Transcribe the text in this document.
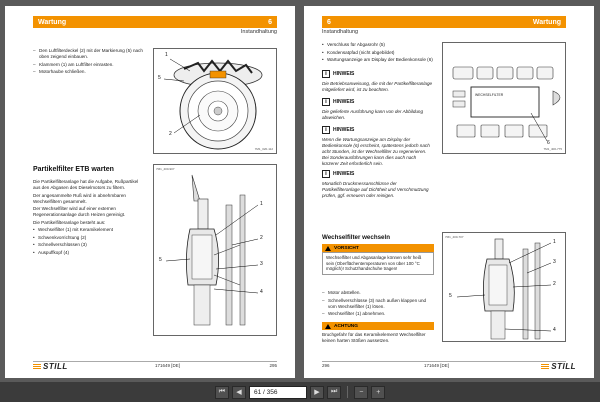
Wartung	6
Instandhaltung

– Den Luftfilterdeckel (2) mit der Markierung (5) nach oben zeigend einbauen.

– Klammern (1) am Luftfilter einrasten.

– Motorhaube schließen.

1
5
2
7M1_020-112
Partikelfilter ETB warten

Die Partikelfilteranlage hat die Aufgabe, Rußpartikel aus den Abgasen des Dieselmotors zu filtern.

Der angesammelte Ruß wird in abnehmbaren Wechselfiltern gesammelt.

Der Wechselfilter wird auf einer externen Regenerationsanlage durch Heizen gereinigt.

Die Partikelfilteranlage besteht aus:

• Wechselfilter (1) mit Keramikelement

• Schwenkvorrichtung (2)

• Schnellverschlüssen (3)

• Auspuffkopf (4)

1
2
3
4
5
7M1_400-907
STILL	171649 [DE]	295
6	Wartung
Instandhaltung

• Verschluss für Abgasrohr (5)

• Kondensatpfad (nicht abgebildet)

• Wartungsanzeige am Display der Bedienkonsole (6)

i	HINWEIS
Die Betriebsanweisung, die mit der Partikelfilteranlage mitgeliefert wird, ist zu beachten.
i	HINWEIS
Die gelieferte Ausführung kann von der Abbildung abweichen.
i	HINWEIS
Wenn die Wartungsanzeige am Display der Bedienkonsole (6) erscheint, spätestens jedoch nach acht Stunden, ist der Wechselfilter zu regenerieren. Bei Sonderausführungen kann dies auch nach kürzerer Zeit erforderlich sein.
i	HINWEIS
Monatlich Druckmessanschlüsse der Partikelfilteranlage auf Dichtheit und Verschmutzung prüfen, ggf. erneuern oder reinigen.
WECHSELFILTER
6
7M1_400-775
Wechselfilter wechseln
VORSICHT
Wechselfilter und Abgasanlage können sehr heiß sein (Oberflächentemperaturen von über 100 °C möglich)! Schutzhandschuhe tragen!

– Motor abstellen.

– Schnellverschlüsse (3) nach außen klappen und vom Wechselfilter (1) lösen.

– Wechselfilter (1) abnehmen.

ACHTUNG
Bruchgefahr für das Keramikelement! Wechselfilter keinen harten Stößen aussetzen.
1
3
2
5
4
7M1_400-707
296	171649 [DE]	STILL
⏮	◀	61 / 356	▶	⏭	−	+
